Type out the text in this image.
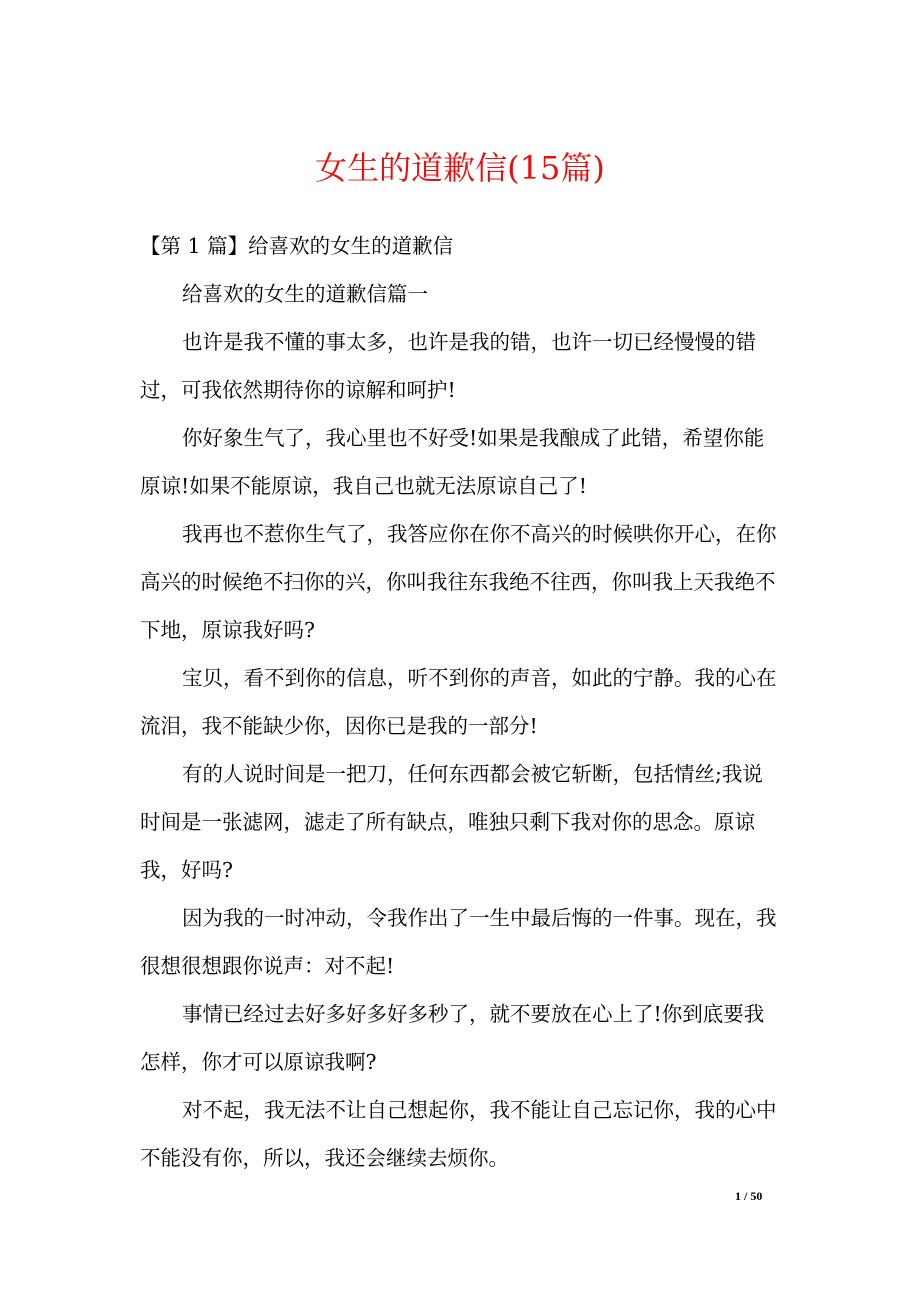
女生的道歉信(15篇)

【第 1 篇】给喜欢的女生的道歉信

给喜欢的女生的道歉信篇一

也许是我不懂的事太多，也许是我的错，也许一切已经慢慢的错过，可我依然期待你的谅解和呵护!

你好象生气了，我心里也不好受!如果是我酿成了此错，希望你能原谅!如果不能原谅，我自己也就无法原谅自己了!

我再也不惹你生气了，我答应你在你不高兴的时候哄你开心，在你高兴的时候绝不扫你的兴，你叫我往东我绝不往西，你叫我上天我绝不下地，原谅我好吗?

宝贝，看不到你的信息，听不到你的声音，如此的宁静。我的心在流泪，我不能缺少你，因你已是我的一部分!

有的人说时间是一把刀，任何东西都会被它斩断，包括情丝;我说时间是一张滤网，滤走了所有缺点，唯独只剩下我对你的思念。原谅我，好吗?

因为我的一时冲动，令我作出了一生中最后悔的一件事。现在，我很想很想跟你说声：对不起!

事情已经过去好多好多好多秒了，就不要放在心上了!你到底要我怎样，你才可以原谅我啊?

对不起，我无法不让自己想起你，我不能让自己忘记你，我的心中不能没有你，所以，我还会继续去烦你。

1 / 50
